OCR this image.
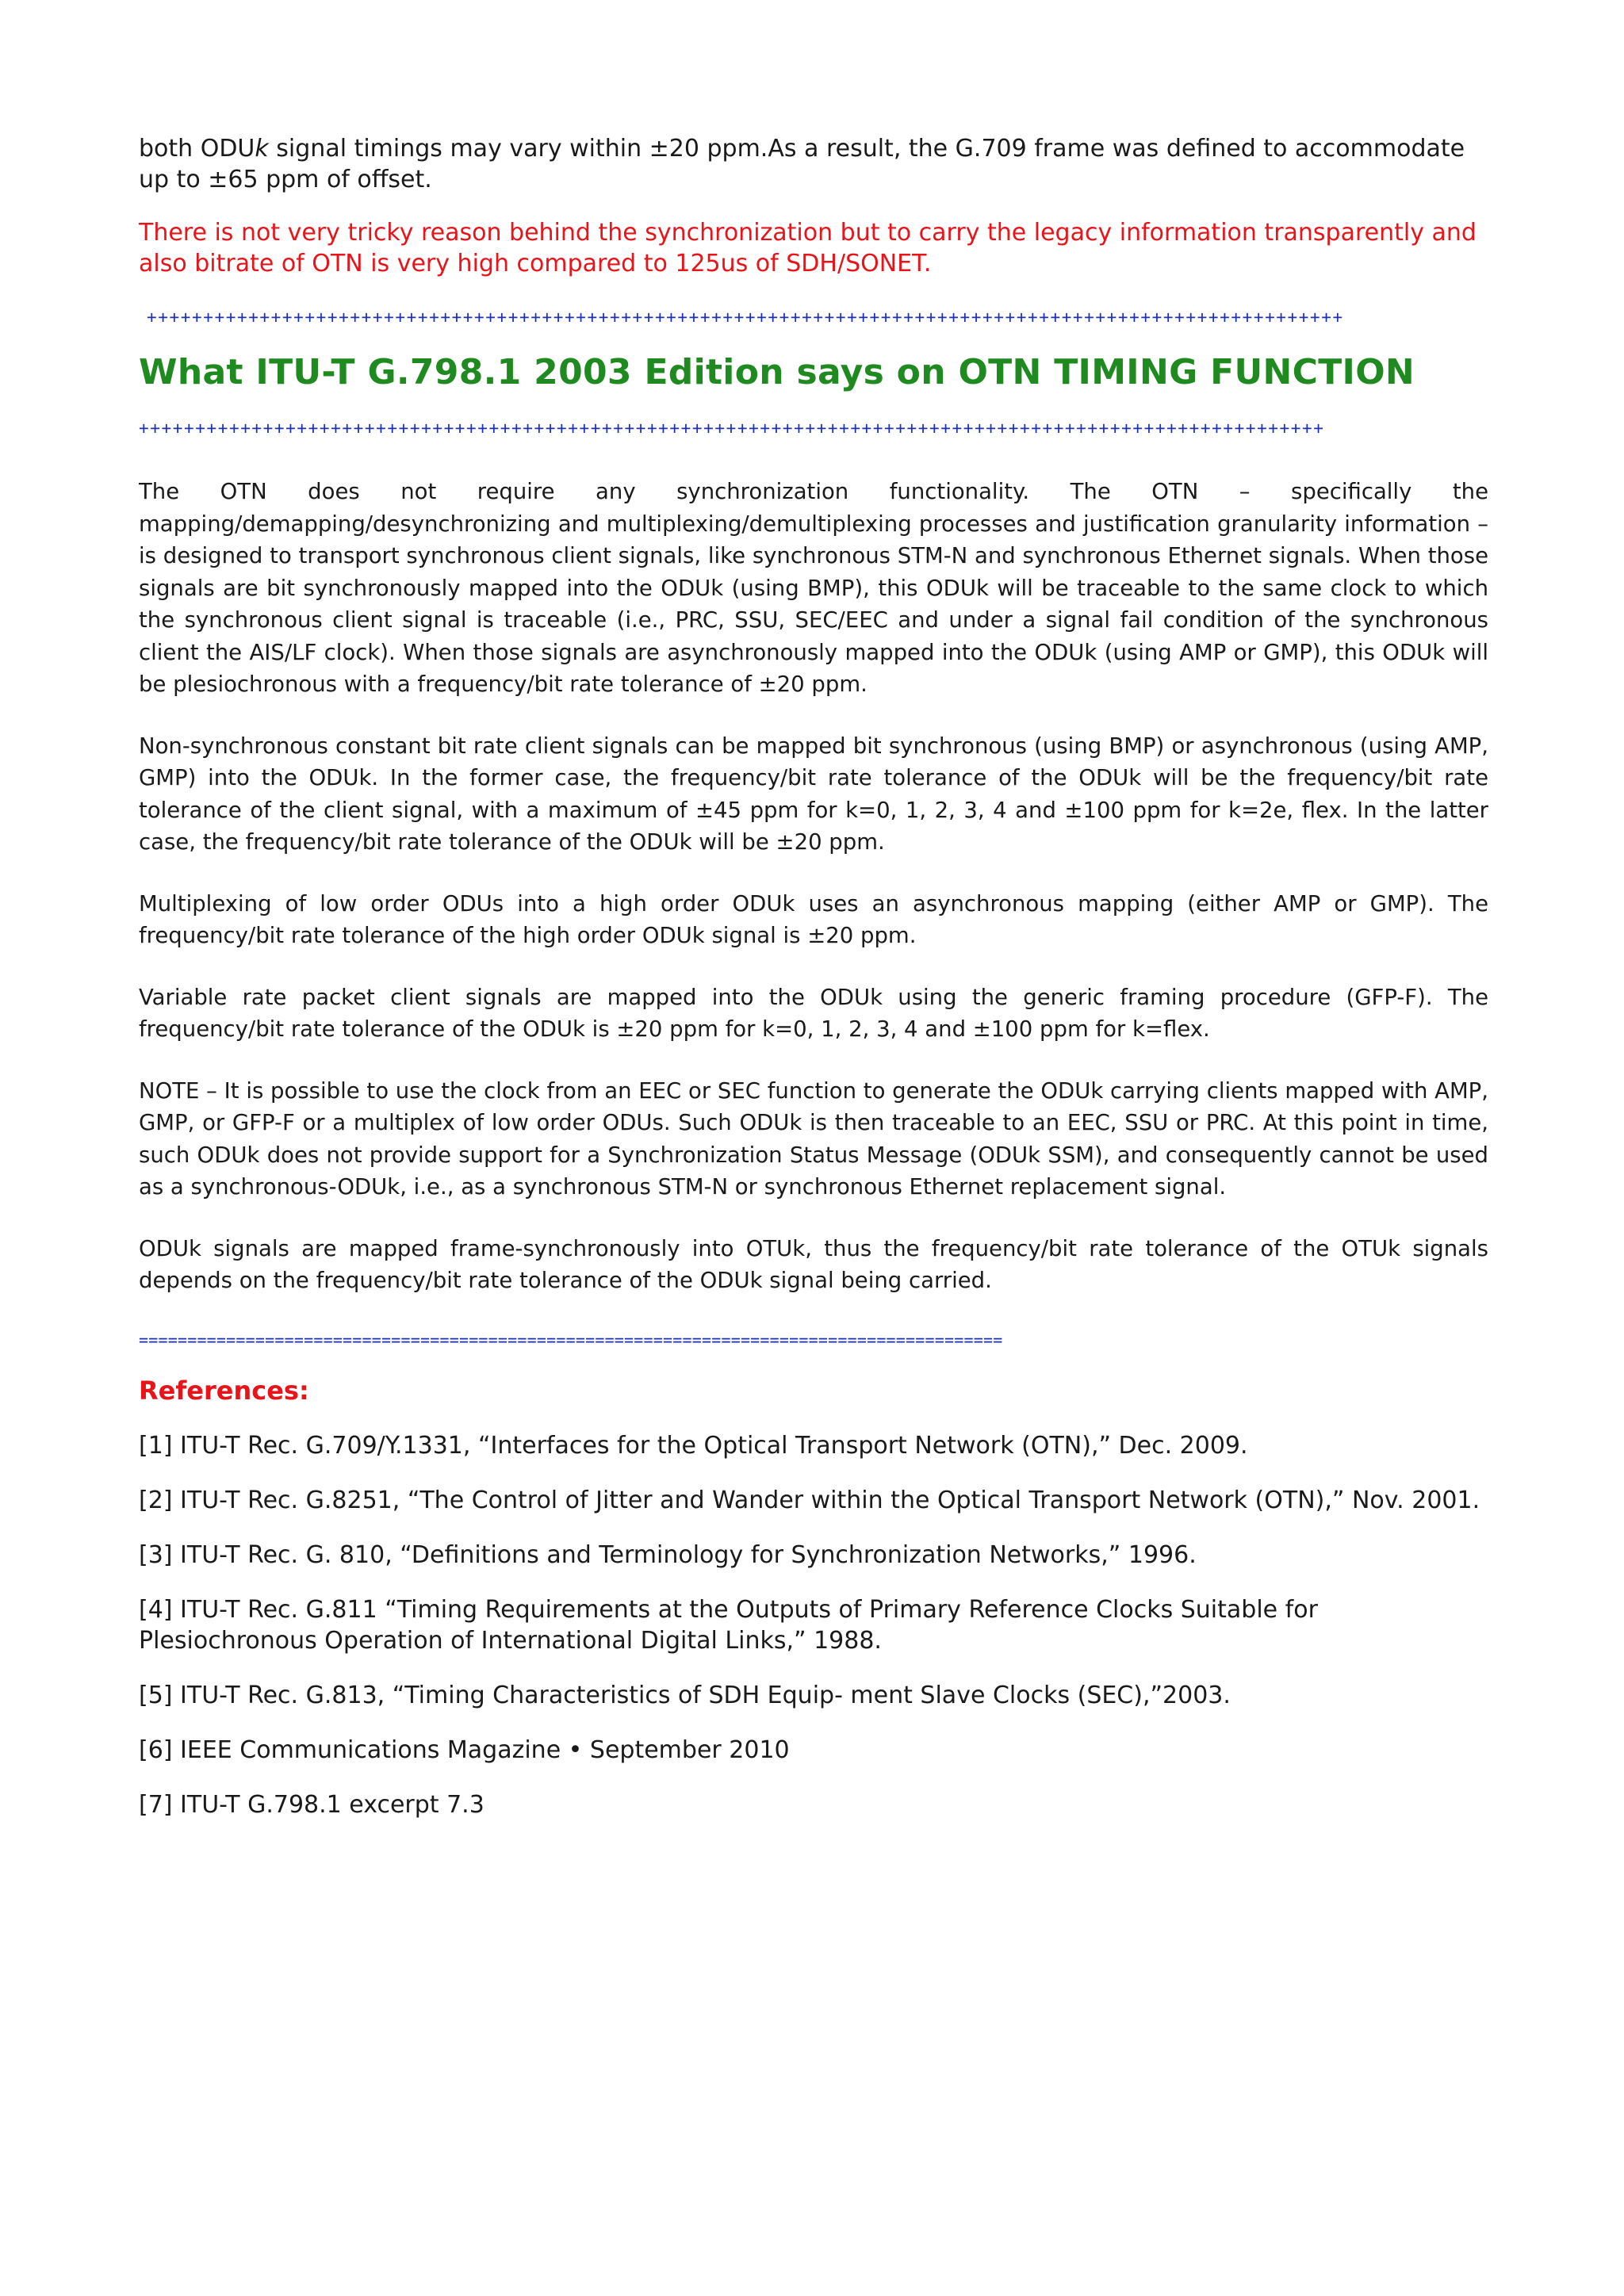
both ODUk signal timings may vary within ±20 ppm.As a result, the G.709 frame was defined to accommodate up to ±65 ppm of offset.

There is not very tricky reason behind the synchronization but to carry the legacy information transparently and also bitrate of OTN is very high compared to 125us of SDH/SONET.

++++++++++++++++++++++++++++++++++++++++++++++++++++++++++++++++++++++++++++++++++++++++++++++++++++++++++

What ITU-T G.798.1 2003 Edition says on OTN TIMING FUNCTION

+++++++++++++++++++++++++++++++++++++++++++++++++++++++++++++++++++++++++++++++++++++++++++++++++++++++++

The OTN does not require any synchronization functionality. The OTN – specifically the mapping/demapping/desynchronizing and multiplexing/demultiplexing processes and justification granularity information – is designed to transport synchronous client signals, like synchronous STM-N and synchronous Ethernet signals. When those signals are bit synchronously mapped into the ODUk (using BMP), this ODUk will be traceable to the same clock to which the synchronous client signal is traceable (i.e., PRC, SSU, SEC/EEC and under a signal fail condition of the synchronous client the AIS/LF clock). When those signals are asynchronously mapped into the ODUk (using AMP or GMP), this ODUk will be plesiochronous with a frequency/bit rate tolerance of ±20 ppm.

Non-synchronous constant bit rate client signals can be mapped bit synchronous (using BMP) or asynchronous (using AMP, GMP) into the ODUk. In the former case, the frequency/bit rate tolerance of the ODUk will be the frequency/bit rate tolerance of the client signal, with a maximum of ±45 ppm for k=0, 1, 2, 3, 4 and ±100 ppm for k=2e, flex. In the latter case, the frequency/bit rate tolerance of the ODUk will be ±20 ppm.

Multiplexing of low order ODUs into a high order ODUk uses an asynchronous mapping (either AMP or GMP). The frequency/bit rate tolerance of the high order ODUk signal is ±20 ppm.

Variable rate packet client signals are mapped into the ODUk using the generic framing procedure (GFP-F). The frequency/bit rate tolerance of the ODUk is ±20 ppm for k=0, 1, 2, 3, 4 and ±100 ppm for k=flex.

NOTE – It is possible to use the clock from an EEC or SEC function to generate the ODUk carrying clients mapped with AMP, GMP, or GFP-F or a multiplex of low order ODUs. Such ODUk is then traceable to an EEC, SSU or PRC. At this point in time, such ODUk does not provide support for a Synchronization Status Message (ODUk SSM), and consequently cannot be used as a synchronous-ODUk, i.e., as a synchronous STM-N or synchronous Ethernet replacement signal.

ODUk signals are mapped frame-synchronously into OTUk, thus the frequency/bit rate tolerance of the OTUk signals depends on the frequency/bit rate tolerance of the ODUk signal being carried.

=========================================================================================

References:

[1] ITU-T Rec. G.709/Y.1331, “Interfaces for the Optical Transport Network (OTN),” Dec. 2009.

[2] ITU-T Rec. G.8251, “The Control of Jitter and Wander within the Optical Transport Network (OTN),” Nov. 2001.

[3] ITU-T Rec. G. 810, “Definitions and Terminology for Synchronization Networks,” 1996.

[4] ITU-T Rec. G.811 “Timing Requirements at the Outputs of Primary Reference Clocks Suitable for Plesiochronous Operation of International Digital Links,” 1988.

[5] ITU-T Rec. G.813, “Timing Characteristics of SDH Equip- ment Slave Clocks (SEC),”2003.

[6] IEEE Communications Magazine • September 2010

[7] ITU-T G.798.1 excerpt 7.3
